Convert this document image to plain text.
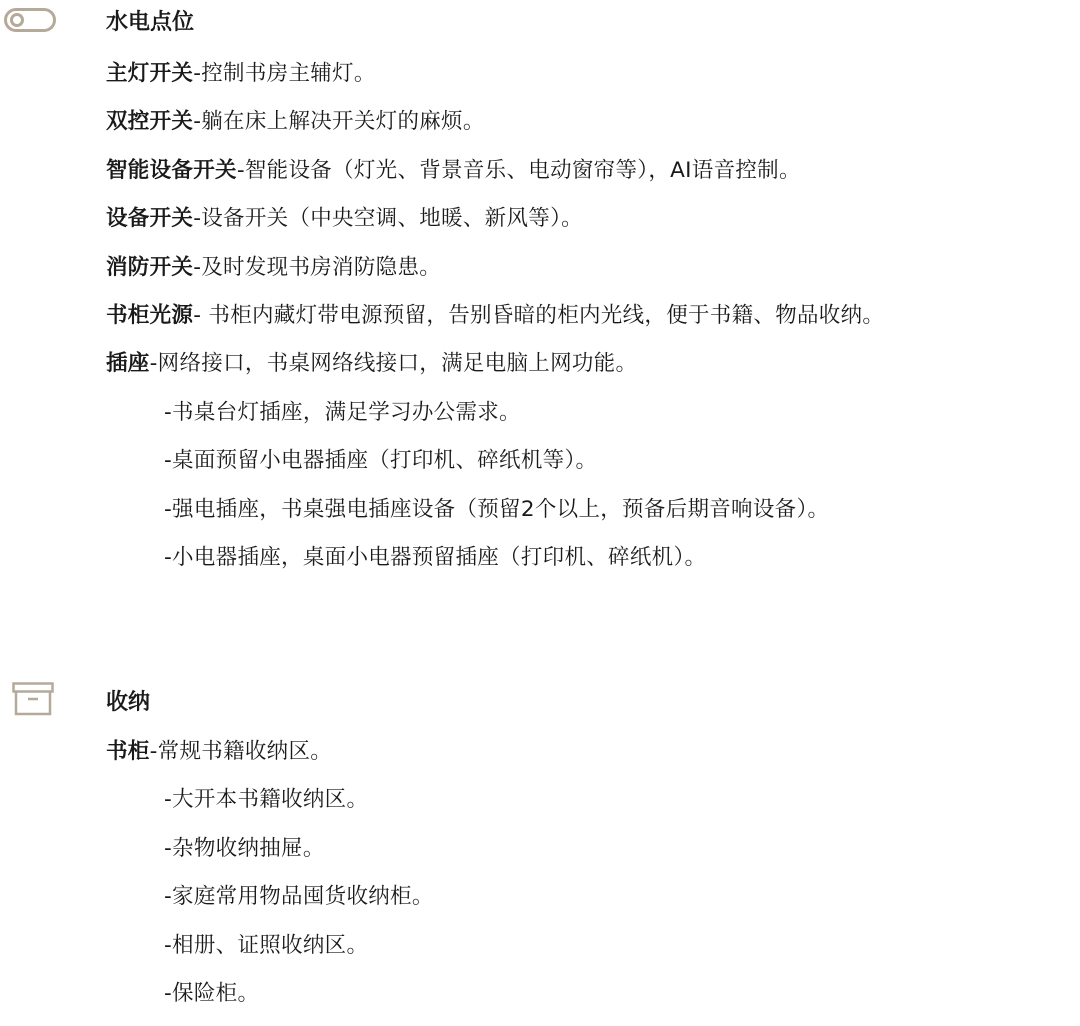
水电点位
主灯开关-控制书房主辅灯。
双控开关-躺在床上解决开关灯的麻烦。
智能设备开关-智能设备（灯光、背景音乐、电动窗帘等），AI语音控制。
设备开关-设备开关（中央空调、地暖、新风等）。
消防开关-及时发现书房消防隐患。
书柜光源- 书柜内藏灯带电源预留，告别昏暗的柜内光线，便于书籍、物品收纳。
插座-网络接口，书桌网络线接口，满足电脑上网功能。
-书桌台灯插座，满足学习办公需求。
-桌面预留小电器插座（打印机、碎纸机等）。
-强电插座，书桌强电插座设备（预留2个以上，预备后期音响设备）。
-小电器插座，桌面小电器预留插座（打印机、碎纸机）。
收纳
书柜-常规书籍收纳区。
-大开本书籍收纳区。
-杂物收纳抽屉。
-家庭常用物品囤货收纳柜。
-相册、证照收纳区。
-保险柜。
